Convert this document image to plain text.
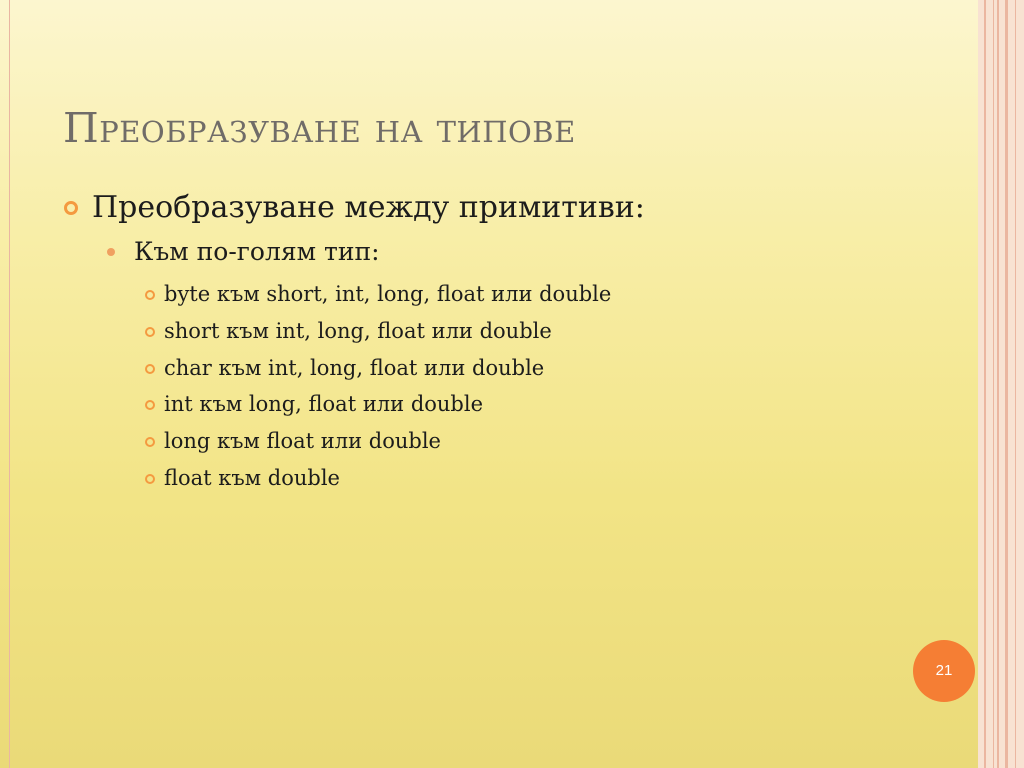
Преобразуване на типове
Преобразуване между примитиви:
Към по-голям тип:
byte към short, int, long, float или double
short към int, long, float или double
char към int, long, float или double
int към long, float или double
long към float или double
float към double
21
